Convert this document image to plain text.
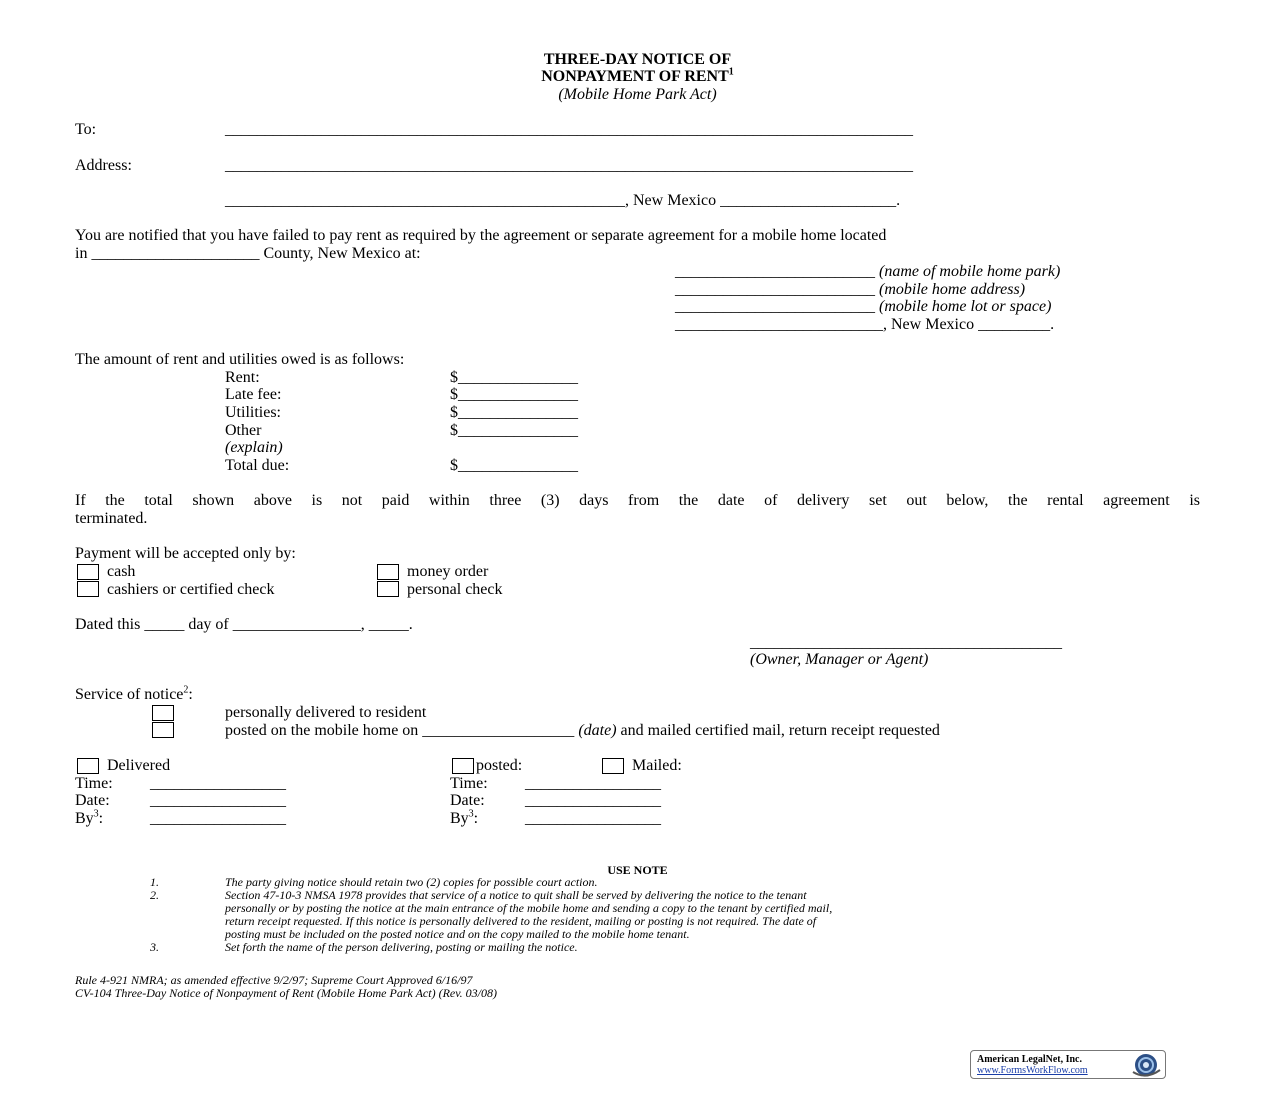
THREE-DAY NOTICE OF
NONPAYMENT OF RENT$^1$
(Mobile Home Park Act)
To:	______________________________________________________________________________________
Address:	______________________________________________________________________________________
__________________________________________________, New Mexico ______________________.
You are notified that you have failed to pay rent as required by the agreement or separate agreement for a mobile home located
in _____________________ County, New Mexico at:
_________________________ (name of mobile home park)
_________________________ (mobile home address)
_________________________ (mobile home lot or space)
__________________________, New Mexico _________.
The amount of rent and utilities owed is as follows:
Rent:	$_______________
Late fee:	$_______________
Utilities:	$_______________
Other	$_______________
(explain)
Total due:	$_______________
If the total shown above is not paid within three (3) days from the date of delivery set out below, the rental agreement is
terminated.
Payment will be accepted only by:
cash	money order
cashiers or certified check	personal check
Dated this _____ day of ________________, _____.
_______________________________________
(Owner, Manager or Agent)
Service of notice$^2$:
personally delivered to resident
posted on the mobile home on ___________________ (date) and mailed certified mail, return receipt requested
Delivered	posted:	Mailed:
Time: _________________
Date:	_________________
By$^3$:	_________________
Time: _________________
Date:	_________________
By$^3$:	_________________
USE NOTE
1.	The party giving notice should retain two (2) copies for possible court action.
2.	Section 47-10-3 NMSA 1978 provides that service of a notice to quit shall be served by delivering the notice to the tenant
personally or by posting the notice at the main entrance of the mobile home and sending a copy to the tenant by certified mail,
return receipt requested. If this notice is personally delivered to the resident, mailing or posting is not required. The date of
posting must be included on the posted notice and on the copy mailed to the mobile home tenant.
3.	Set forth the name of the person delivering, posting or mailing the notice.
Rule 4-921 NMRA; as amended effective 9/2/97; Supreme Court Approved 6/16/97
CV-104 Three-Day Notice of Nonpayment of Rent (Mobile Home Park Act) (Rev. 03/08)
American LegalNet, Inc.
www.FormsWorkFlow.com
